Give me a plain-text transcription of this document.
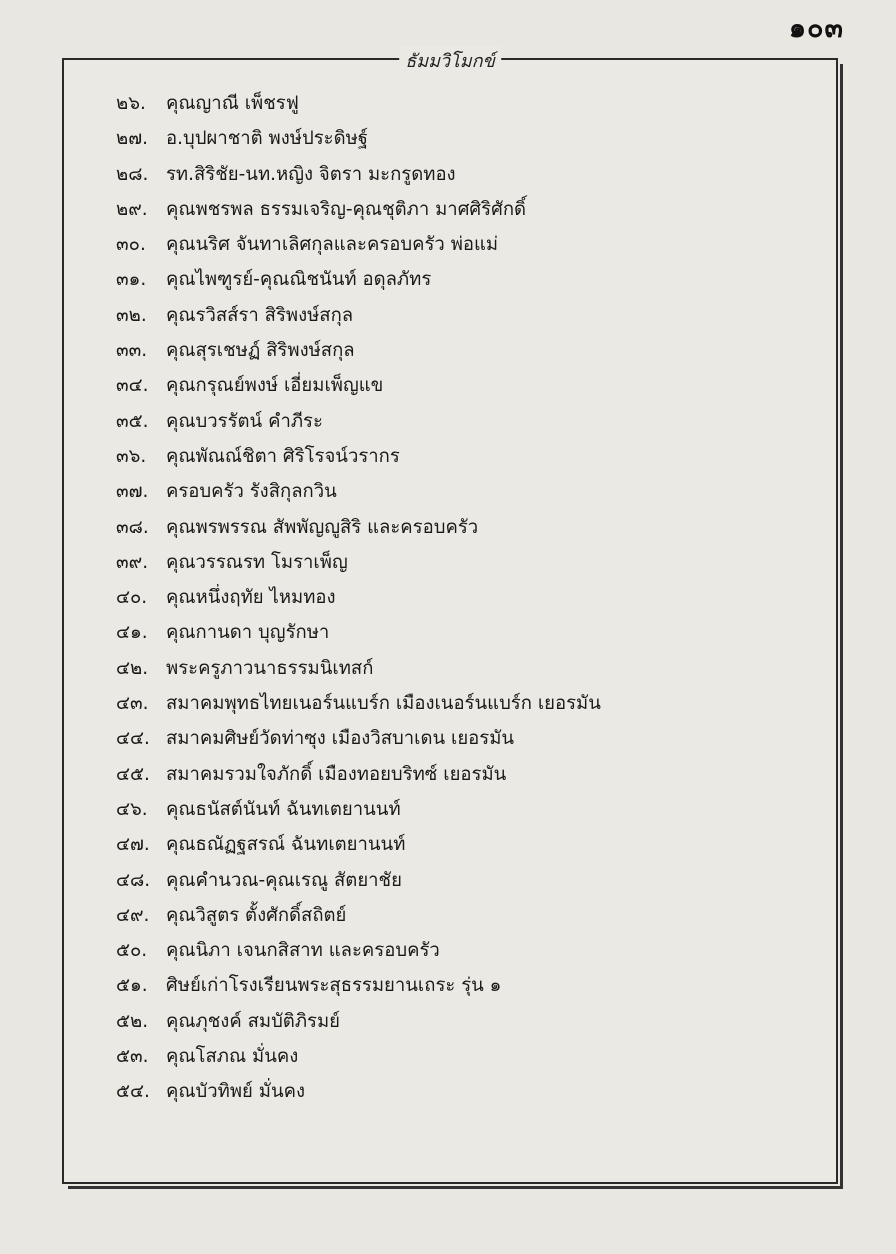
๑๐๓
ธัมมวิโมกข์
๒๖. คุณญาณี เพ็ชรฟู
๒๗. อ.บุปผาชาติ พงษ์ประดิษฐ์
๒๘. รท.สิริชัย-นท.หญิง จิตรา มะกรูดทอง
๒๙. คุณพชรพล ธรรมเจริญ-คุณชุติภา มาศศิริศักดิ์
๓๐. คุณนริศ จันทาเลิศกุลและครอบครัว พ่อแม่
๓๑. คุณไพฑูรย์-คุณณิชนันท์ อดุลภัทร
๓๒. คุณรวิสส์รา สิริพงษ์สกุล
๓๓. คุณสุรเชษฏ์ สิริพงษ์สกุล
๓๔. คุณกรุณย์พงษ์ เอี่ยมเพ็ญแข
๓๕. คุณบวรรัตน์ คำภีระ
๓๖. คุณพัณณ์ชิตา ศิริโรจน์วรากร
๓๗. ครอบครัว รังสิกุลกวิน
๓๘. คุณพรพรรณ สัพพัญญูสิริ และครอบครัว
๓๙. คุณวรรณรท โมราเพ็ญ
๔๐. คุณหนึ่งฤทัย ไหมทอง
๔๑. คุณกานดา บุญรักษา
๔๒. พระครูภาวนาธรรมนิเทสก์
๔๓. สมาคมพุทธไทยเนอร์นแบร์ก เมืองเนอร์นแบร์ก เยอรมัน
๔๔. สมาคมศิษย์วัดท่าซุง เมืองวิสบาเดน เยอรมัน
๔๕. สมาคมรวมใจภักดิ์ เมืองทอยบริทซ์ เยอรมัน
๔๖. คุณธนัสต์นันท์ ฉันทเตยานนท์
๔๗. คุณธณัฏฐสรณ์ ฉันทเตยานนท์
๔๘. คุณคำนวณ-คุณเรณู สัตยาชัย
๔๙. คุณวิสูตร ตั้งศักดิ์สถิตย์
๕๐. คุณนิภา เจนกสิสาท และครอบครัว
๕๑. ศิษย์เก่าโรงเรียนพระสุธรรมยานเถระ รุ่น ๑
๕๒. คุณภุชงค์ สมบัติภิรมย์
๕๓. คุณโสภณ มั่นคง
๕๔. คุณบัวทิพย์ มั่นคง
